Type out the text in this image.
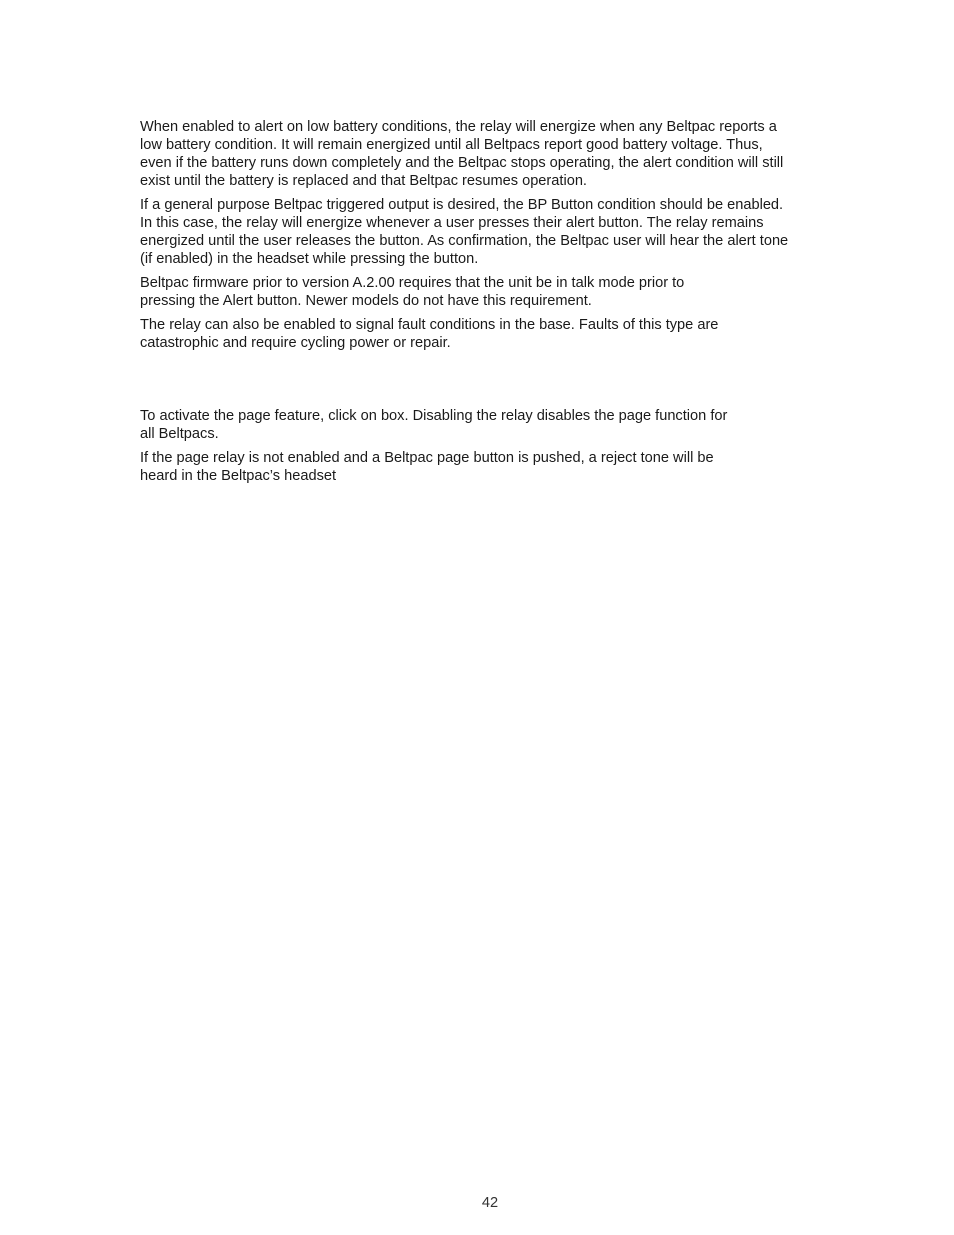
When enabled to alert on low battery conditions, the relay will energize when any Beltpac reports a
low battery condition. It will remain energized until all Beltpacs report good battery voltage. Thus,
even if the battery runs down completely and the Beltpac stops operating, the alert condition will still
exist until the battery is replaced and that Beltpac resumes operation.

If a general purpose Beltpac triggered output is desired, the BP Button condition should be enabled.
In this case, the relay will energize whenever a user presses their alert button. The relay remains
energized until the user releases the button. As confirmation, the Beltpac user will hear the alert tone
(if enabled) in the headset while pressing the button.

Beltpac firmware prior to version A.2.00 requires that the unit be in talk mode prior to
pressing the Alert button. Newer models do not have this requirement.

The relay can also be enabled to signal fault conditions in the base. Faults of this type are
catastrophic and require cycling power or repair.

To activate the page feature, click on box. Disabling the relay disables the page function for
all Beltpacs.

If the page relay is not enabled and a Beltpac page button is pushed, a reject tone will be
heard in the Beltpac’s headset

42
